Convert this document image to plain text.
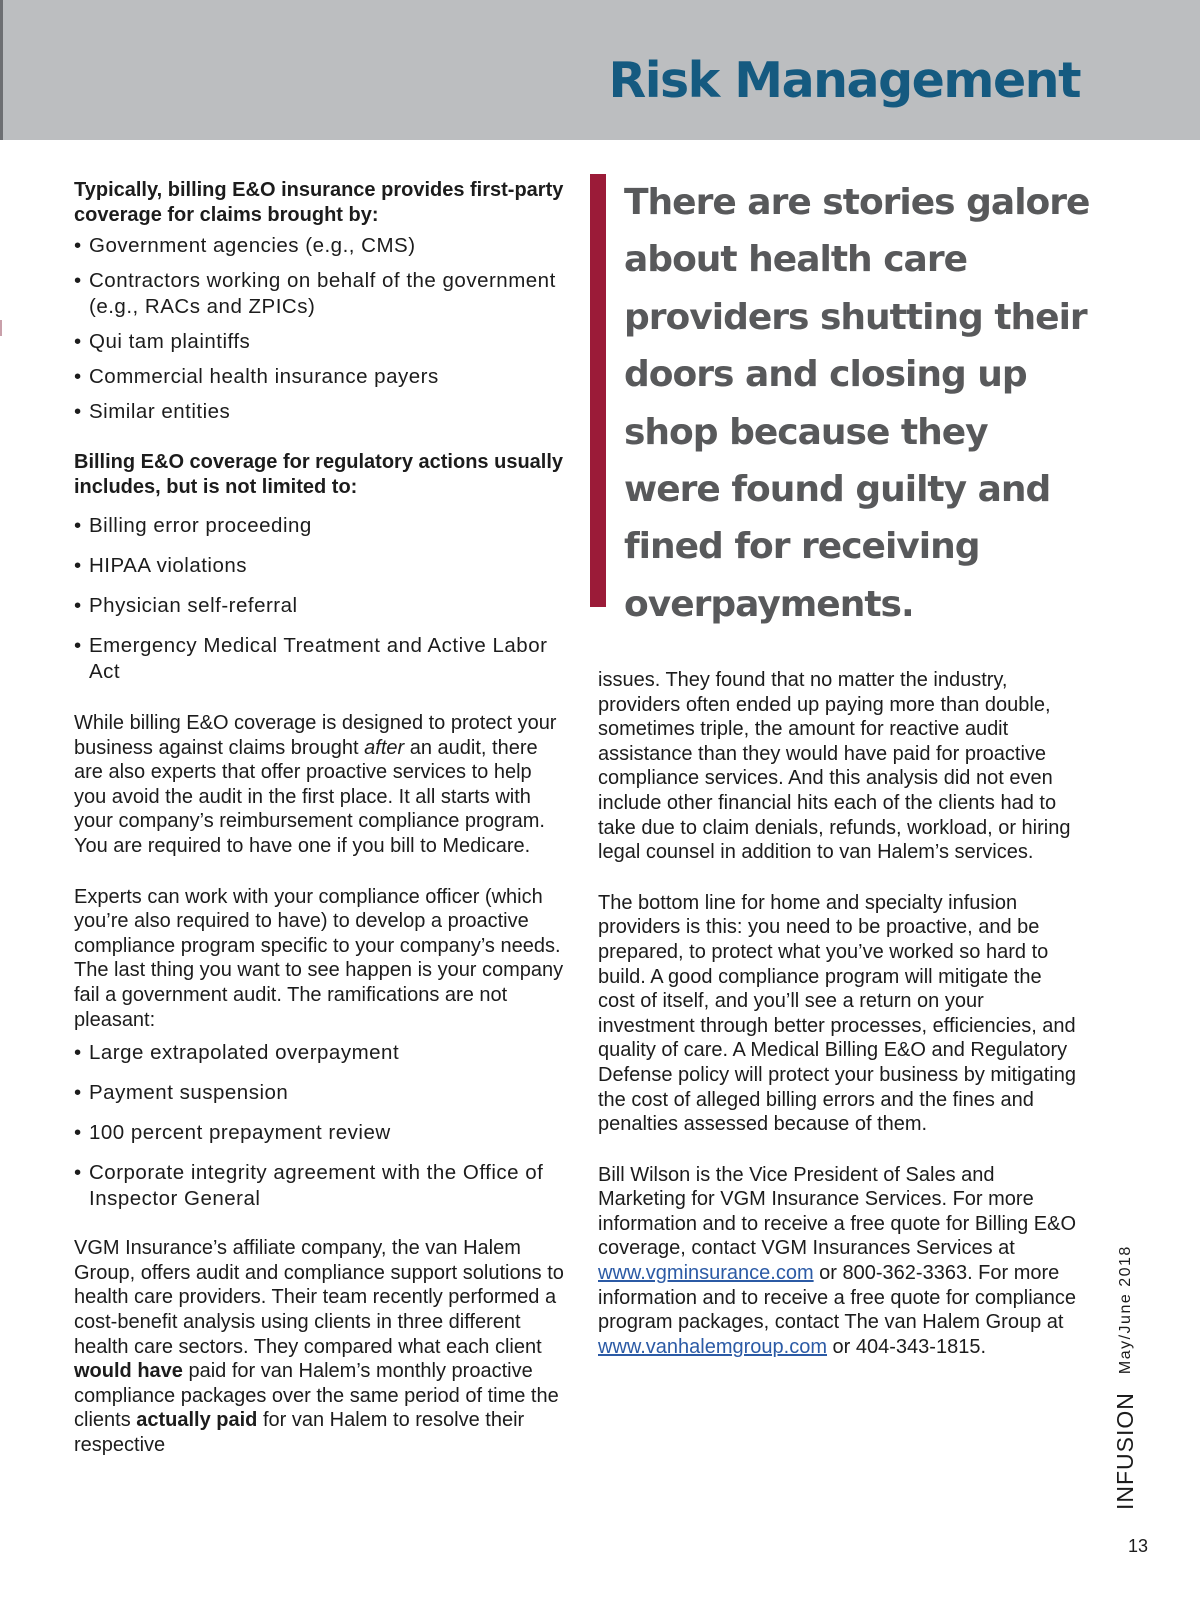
Risk Management

Typically, billing E&O insurance provides first-party coverage for claims brought by:

• Government agencies (e.g., CMS)
• Contractors working on behalf of the government (e.g., RACs and ZPICs)
• Qui tam plaintiffs
• Commercial health insurance payers
• Similar entities

Billing E&O coverage for regulatory actions usually includes, but is not limited to:

• Billing error proceeding
• HIPAA violations
• Physician self-referral
• Emergency Medical Treatment and Active Labor Act

While billing E&O coverage is designed to protect your business against claims brought after an audit, there are also experts that offer proactive services to help you avoid the audit in the first place. It all starts with your company’s reimbursement compliance program. You are required to have one if you bill to Medicare.

Experts can work with your compliance officer (which you’re also required to have) to develop a proactive compliance program specific to your company’s needs. The last thing you want to see happen is your company fail a government audit. The ramifications are not pleasant:

• Large extrapolated overpayment
• Payment suspension
• 100 percent prepayment review
• Corporate integrity agreement with the Office of Inspector General

VGM Insurance’s affiliate company, the van Halem Group, offers audit and compliance support solutions to health care providers. Their team recently performed a cost-benefit analysis using clients in three different health care sectors. They compared what each client would have paid for van Halem’s monthly proactive compliance packages over the same period of time the clients actually paid for van Halem to resolve their respective

There are stories galore about health care providers shutting their doors and closing up shop because they were found guilty and fined for receiving overpayments.

issues. They found that no matter the industry, providers often ended up paying more than double, sometimes triple, the amount for reactive audit assistance than they would have paid for proactive compliance services. And this analysis did not even include other financial hits each of the clients had to take due to claim denials, refunds, workload, or hiring legal counsel in addition to van Halem’s services.

The bottom line for home and specialty infusion providers is this: you need to be proactive, and be prepared, to protect what you’ve worked so hard to build. A good compliance program will mitigate the cost of itself, and you’ll see a return on your investment through better processes, efficiencies, and quality of care. A Medical Billing E&O and Regulatory Defense policy will protect your business by mitigating the cost of alleged billing errors and the fines and penalties assessed because of them.

Bill Wilson is the Vice President of Sales and Marketing for VGM Insurance Services. For more information and to receive a free quote for Billing E&O coverage, contact VGM Insurances Services at www.vgminsurance.com or 800-362-3363. For more information and to receive a free quote for compliance program packages, contact The van Halem Group at www.vanhalemgroup.com or 404-343-1815.

INFUSIONMay/June 2018
13
